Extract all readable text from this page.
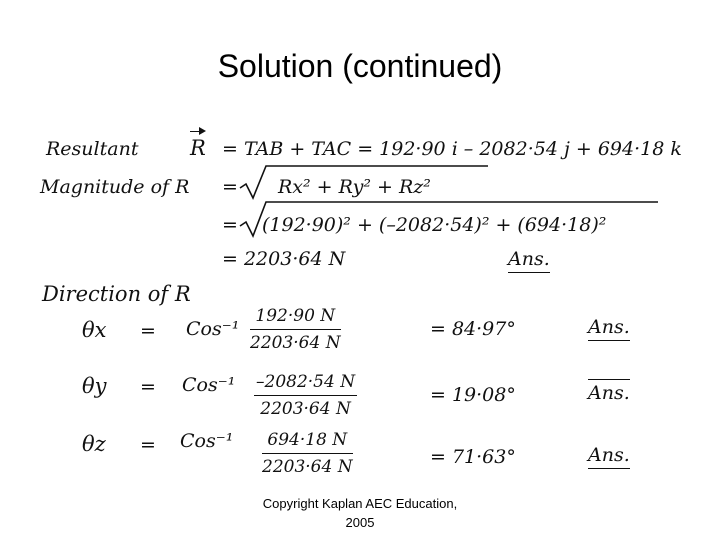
Solution (continued)
Resultant R = TAB + TAC = 192·90 i – 2082·54 j + 694·18 k
Magnitude of R = Rx² + Ry² + Rz²
= (192·90)² + (–2082·54)² + (694·18)²
= 2203·64 N	Ans.
Direction of R
$\theta x = Cos^{-1} \frac{192\cdot 90 N}{2203\cdot 64 N}$	= 84·97°	Ans.
$\theta y = Cos^{-1} \frac{-2082\cdot 54 N}{2203\cdot 64 N}$	= 19·08°	Ans.
$\theta z = Cos^{-1} \frac{694\cdot 18 N}{2203\cdot 64 N}$	= 71·63°	Ans.
Copyright Kaplan AEC Education,
2005
